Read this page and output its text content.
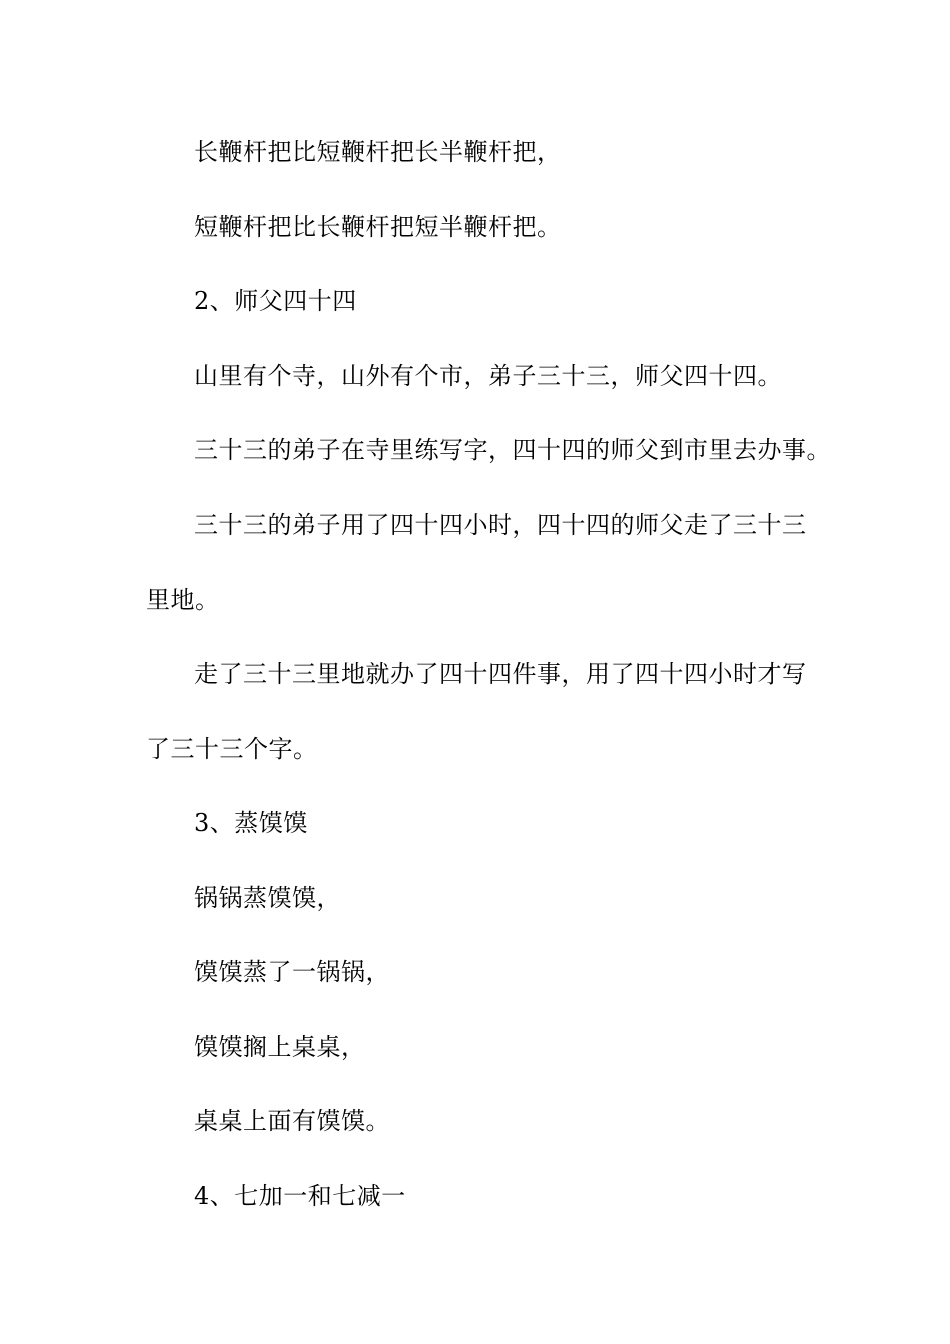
长鞭杆把比短鞭杆把长半鞭杆把，
短鞭杆把比长鞭杆把短半鞭杆把。
2、师父四十四
山里有个寺，山外有个市，弟子三十三，师父四十四。
三十三的弟子在寺里练写字，四十四的师父到市里去办事。
三十三的弟子用了四十四小时，四十四的师父走了三十三
里地。
走了三十三里地就办了四十四件事，用了四十四小时才写
了三十三个字。
3、蒸馍馍
锅锅蒸馍馍，
馍馍蒸了一锅锅，
馍馍搁上桌桌，
桌桌上面有馍馍。
4、七加一和七减一
